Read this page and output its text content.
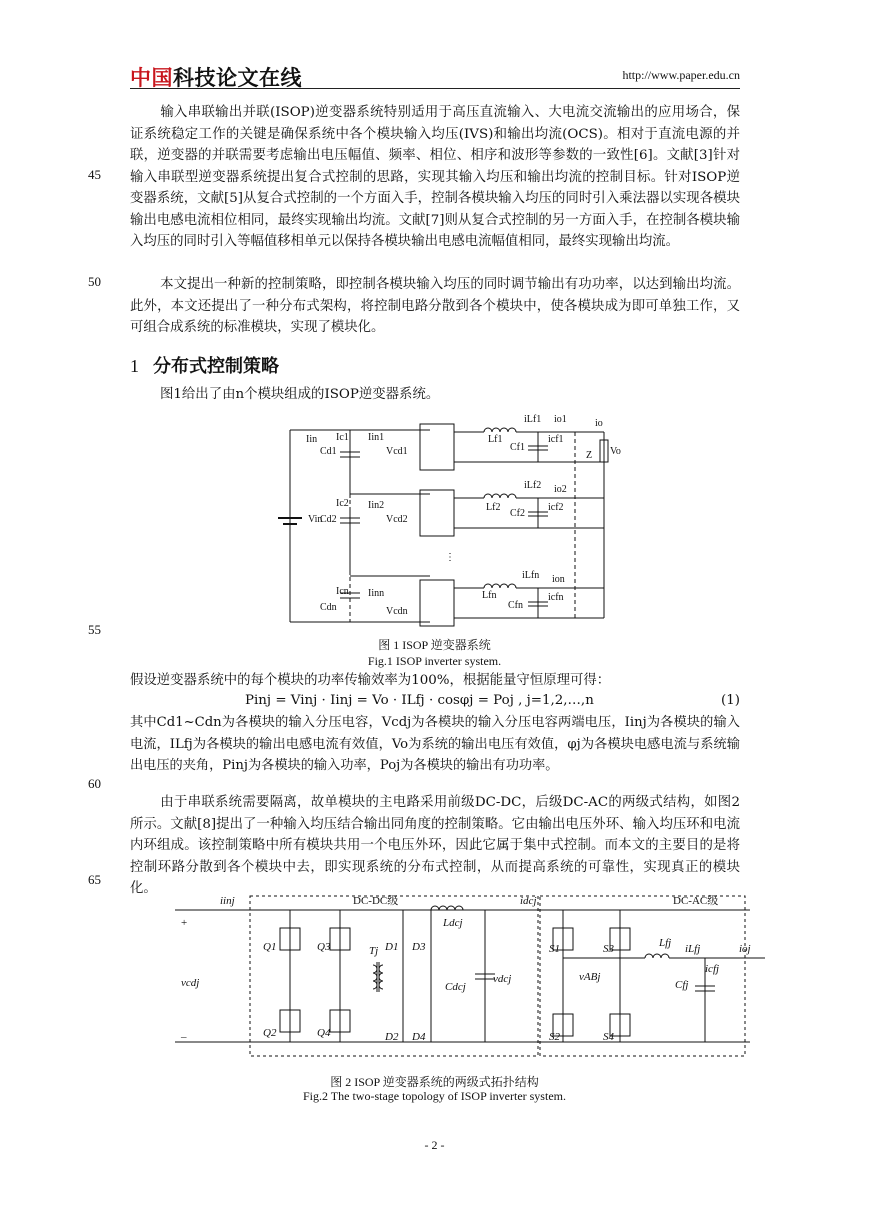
中国科技论文在线	http://www.paper.edu.cn
输入串联输出并联(ISOP)逆变器系统特别适用于高压直流输入、大电流交流输出的应用场合，保证系统稳定工作的关键是确保系统中各个模块输入均压(IVS)和输出均流(OCS)。相对于直流电源的并联，逆变器的并联需要考虑输出电压幅值、频率、相位、相序和波形等参数的一致性[6]。文献[3]针对输入串联型逆变器系统提出复合式控制的思路，实现其输入均压和输出均流的控制目标。针对ISOP逆变器系统，文献[5]从复合式控制的一个方面入手，控制各模块输入均压的同时引入乘法器以实现各模块输出电感电流相位相同，最终实现输出均流。文献[7]则从复合式控制的另一方面入手，在控制各模块输入均压的同时引入等幅值移相单元以保持各模块输出电感电流幅值相同，最终实现输出均流。
45
本文提出一种新的控制策略，即控制各模块输入均压的同时调节输出有功功率，以达到输出均流。此外，本文还提出了一种分布式架构，将控制电路分散到各个模块中，使各模块成为即可单独工作，又可组合成系统的标准模块，实现了模块化。
50
1 分布式控制策略
图1给出了由n个模块组成的ISOP逆变器系统。
Vin
Iin
io
Z Vo
⋮
Ic1
Cd1
Iin1
Vcd1
iLf1 io1
Lf1
Cf1
icf1
Ic2
Cd2
Iin2
Vcd2
iLf2 io2
Lf2
Cf2
icf2
Icn
Cdn
Iinn
Vcdn
iLfn ion
Lfn
Cfn
icfn
55
图 1 ISOP 逆变器系统
Fig.1 ISOP inverter system.
假设逆变器系统中的每个模块的功率传输效率为100%，根据能量守恒原理可得：
Pinj = Vinj · Iinj = Vo · ILfj · cosφj = Poj , j=1,2,…,n	(1)
其中Cd1~Cdn为各模块的输入分压电容，Vcdj为各模块的输入分压电容两端电压，Iinj为各模块的输入电流，ILfj为各模块的输出电感电流有效值，Vo为系统的输出电压有效值，φj为各模块电感电流与系统输出电压的夹角，Pinj为各模块的输入功率，Poj为各模块的输出有功功率。
60
由于串联系统需要隔离，故单模块的主电路采用前级DC-DC，后级DC-AC的两级式结构，如图2所示。文献[8]提出了一种输入均压结合输出同角度的控制策略。它由输出电压外环、输入均压环和电流内环组成。该控制策略中所有模块共用一个电压外环，因此它属于集中式控制。而本文的主要目的是将控制环路分散到各个模块中去，即实现系统的分布式控制，从而提高系统的可靠性，实现真正的模块化。
65
DC-DC级	DC-AC级
iinj	idcj
+
vcdj
–
Q1	Q3
Q2	Q4
Tj D1 D3
D2 D4
Ldcj
Cdcj
vdcj
S1	S3
S2	S4
Lfj iLfj
icfj
Cfj
vABj
ioj
图 2 ISOP 逆变器系统的两级式拓扑结构
Fig.2 The two-stage topology of ISOP inverter system.
- 2 -
